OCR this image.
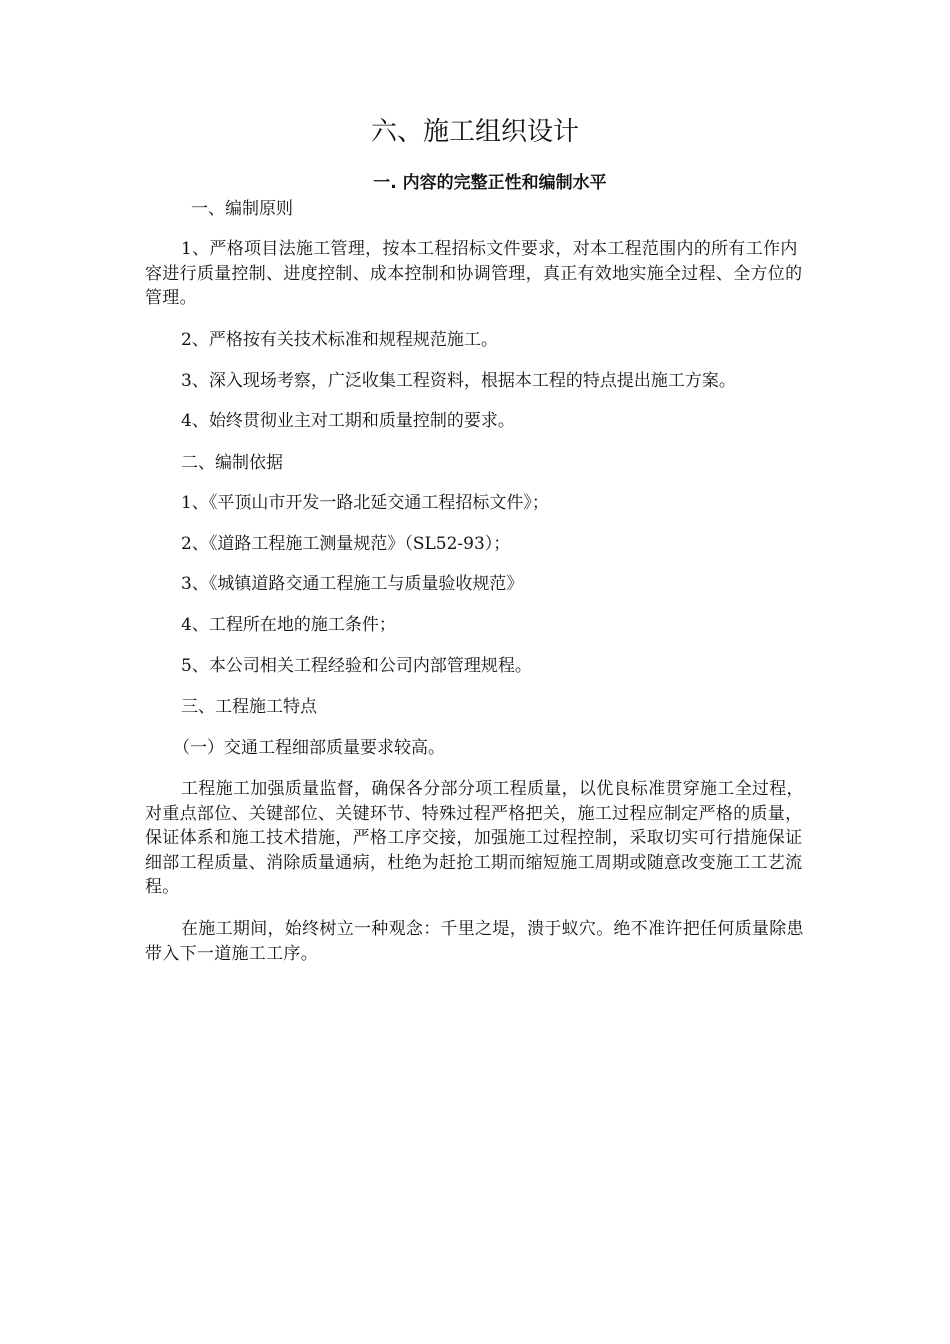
六、施工组织设计
一. 内容的完整正性和编制水平
一、编制原则
1、严格项目法施工管理，按本工程招标文件要求，对本工程范围内的所有工作内容进行质量控制、进度控制、成本控制和协调管理，真正有效地实施全过程、全方位的管理。
2、严格按有关技术标准和规程规范施工。
3、深入现场考察，广泛收集工程资料，根据本工程的特点提出施工方案。
4、始终贯彻业主对工期和质量控制的要求。
二、编制依据
1、《平顶山市开发一路北延交通工程招标文件》；
2、《道路工程施工测量规范》（SL52-93）；
3、《城镇道路交通工程施工与质量验收规范》
4、工程所在地的施工条件；
5、本公司相关工程经验和公司内部管理规程。
三、工程施工特点
（一）交通工程细部质量要求较高。
工程施工加强质量监督，确保各分部分项工程质量，以优良标准贯穿施工全过程，对重点部位、关键部位、关键环节、特殊过程严格把关，施工过程应制定严格的质量，保证体系和施工技术措施，严格工序交接，加强施工过程控制，采取切实可行措施保证细部工程质量、消除质量通病，杜绝为赶抢工期而缩短施工周期或随意改变施工工艺流程。
在施工期间，始终树立一种观念：千里之堤，溃于蚁穴。绝不准许把任何质量除患带入下一道施工工序。
